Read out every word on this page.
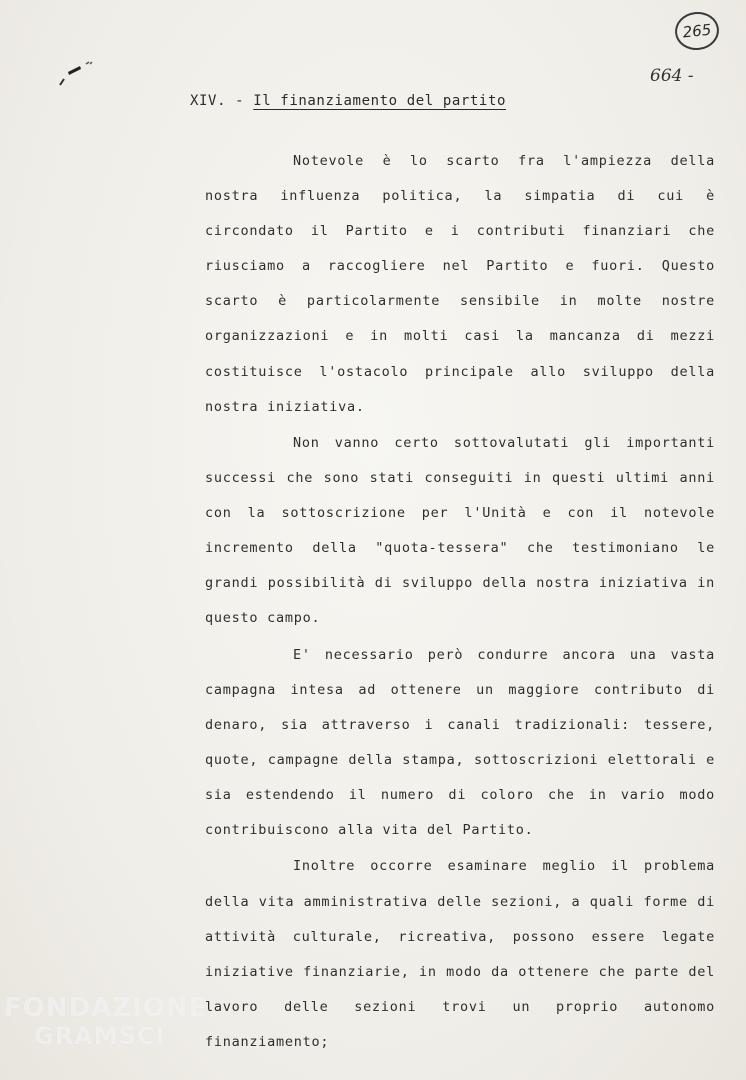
265
664 -
XIV. - Il finanziamento del partito

Notevole è lo scarto fra l'ampiezza della nostra influenza politica, la simpatia di cui è circondato il Partito e i contributi finanziari che riusciamo a raccogliere nel Partito e fuori. Questo scarto è particolarmente sensibile in molte nostre organizzazioni e in molti casi la mancanza di mezzi costituisce l'ostacolo principale allo sviluppo della nostra iniziativa.

Non vanno certo sottovalutati gli importanti successi che sono stati conseguiti in questi ultimi anni con la sottoscrizione per l'Unità e con il notevole incremento della "quota-tessera" che testimoniano le grandi possibilità di sviluppo della nostra iniziativa in questo campo.

E' necessario però condurre ancora una vasta campagna intesa ad ottenere un maggiore contributo di denaro, sia attraverso i canali tradizionali: tessere, quote, campagne della stampa, sottoscrizioni elettorali e sia estendendo il numero di coloro che in vario modo contribuiscono alla vita del Partito.

Inoltre occorre esaminare meglio il problema della vita amministrativa delle sezioni, a quali forme di attività culturale, ricreativa, possono essere legate iniziative finanziarie, in modo da ottenere che parte del lavoro delle sezioni trovi un proprio autonomo finanziamento;

FONDAZIONE
GRAMSCI
